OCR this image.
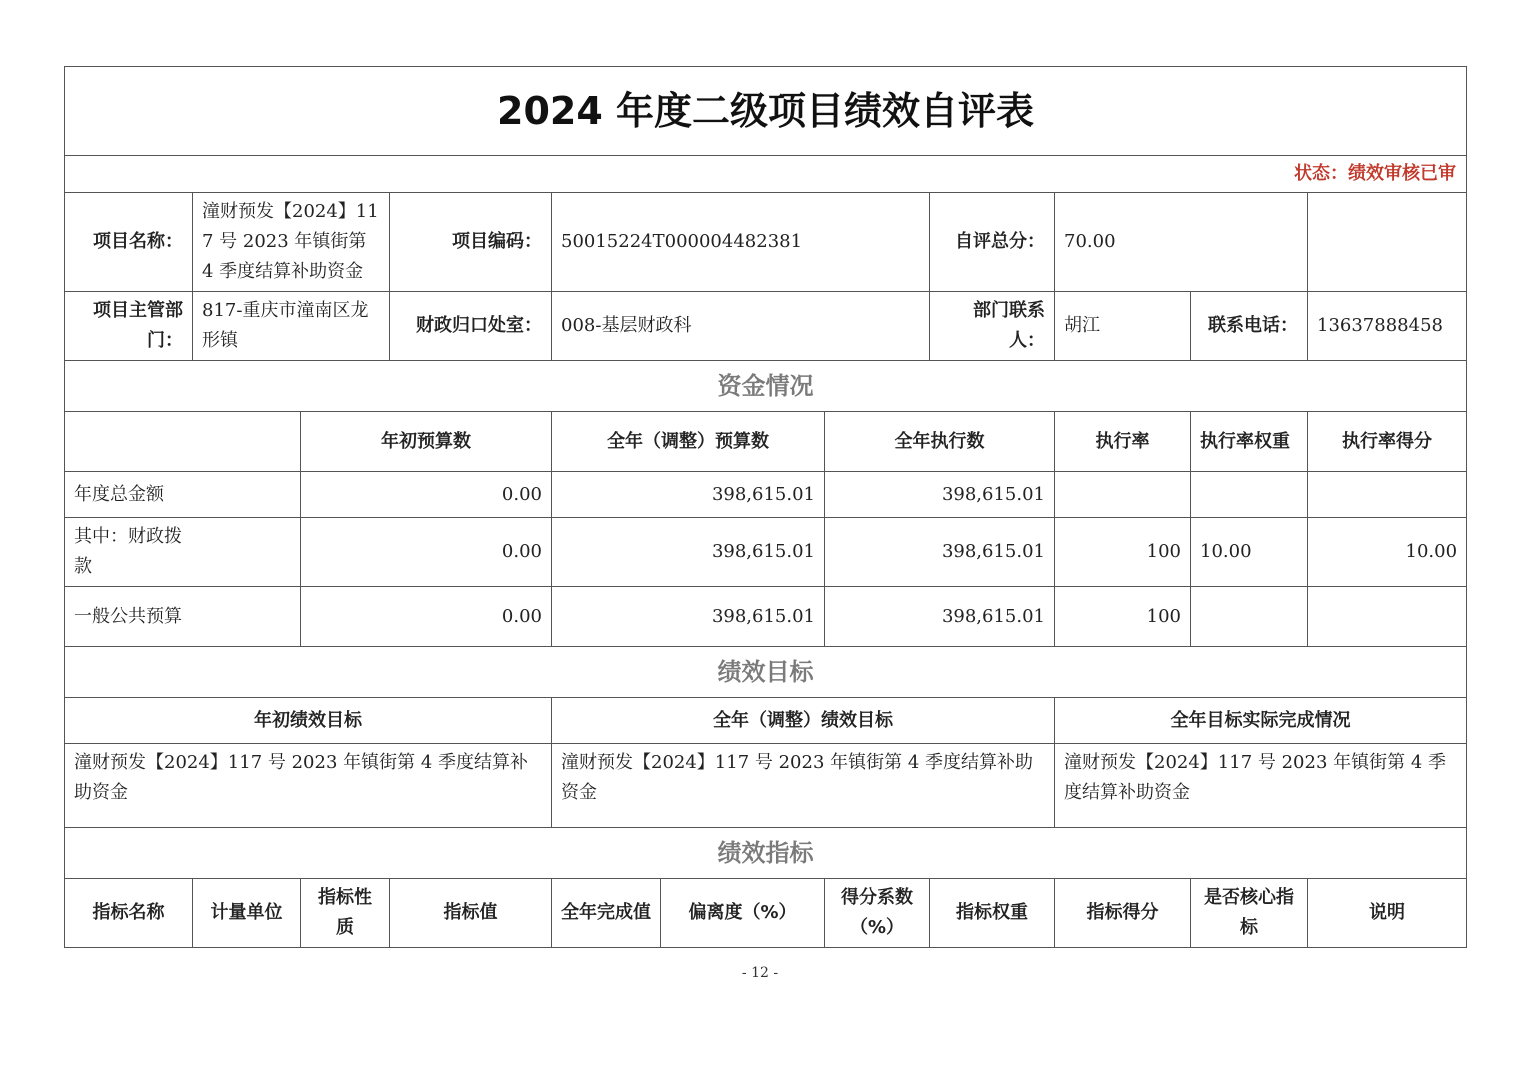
2024 年度二级项目绩效自评表										
状态：绩效审核已审										
项目名称：	潼财预发【2024】117 号 2023 年镇街第 4 季度结算补助资金		项目编码：	50015224T000004482381			自评总分：	70.00		
项目主管部门：	817-重庆市潼南区龙形镇		财政归口处室：	008-基层财政科			部门联系人：	胡江	联系电话：	13637888458
资金情况										
		年初预算数		全年（调整）预算数		全年执行数		执行率	执行率权重	执行率得分
年度总金额		0.00		398,615.01		398,615.01				

其中：财政拨款		0.00		398,615.01		398,615.01		100	10.00	10.00

一般公共预算		0.00		398,615.01		398,615.01		100		
绩效目标										
年初绩效目标				全年（调整）绩效目标				全年目标实际完成情况		
潼财预发【2024】117 号 2023 年镇街第 4 季度结算补助资金				潼财预发【2024】117 号 2023 年镇街第 4 季度结算补助资金				潼财预发【2024】117 号 2023 年镇街第 4 季度结算补助资金		
绩效指标										
指标名称	计量单位	指标性质	指标值	全年完成值	偏离度（%）	得分系数（%）	指标权重	指标得分	是否核心指标	说明
- 12 -
